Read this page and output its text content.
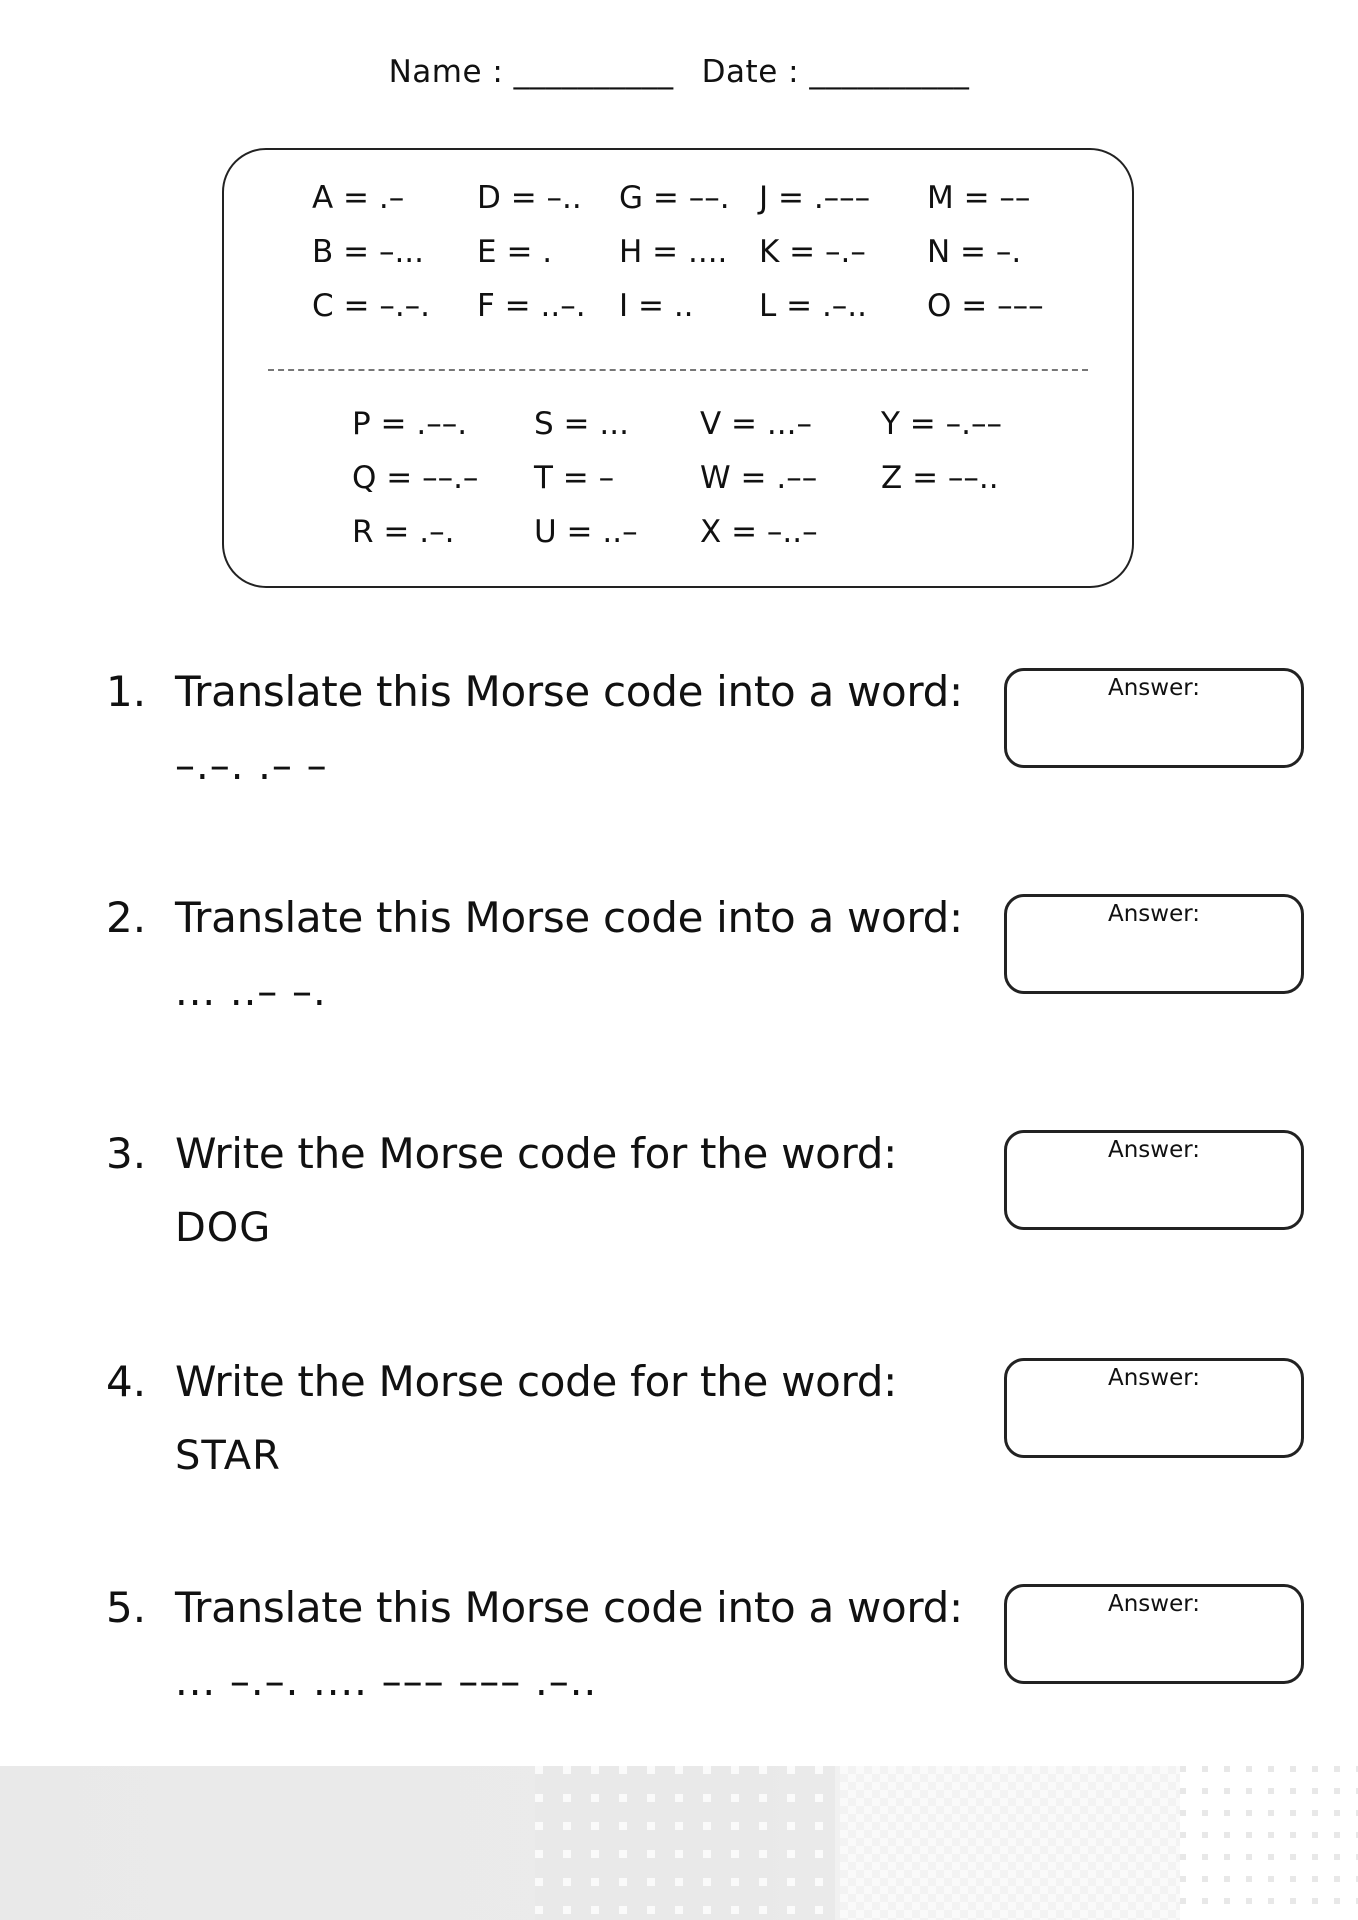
Name : __________ Date : __________
A = .– D = –.. G = ––. J = .––– M = ––
B = –... E = . H = .... K = –.– N = –.
C = –.–. F = ..–. I = .. L = .–.. O = –––
P = .––. S = ... V = ...– Y = –.––
Q = ––.– T = –	W = .–– Z = ––..
R = .–.	U = ..– X = –..–
1. Translate this Morse code into a word:
–.–. .– –
Answer:
2. Translate this Morse code into a word:
... ..– –.
Answer:
3. Write the Morse code for the word:
DOG
Answer:
4. Write the Morse code for the word:
STAR
Answer:
5. Translate this Morse code into a word:
... –.–. .... ––– ––– .–..
Answer:
